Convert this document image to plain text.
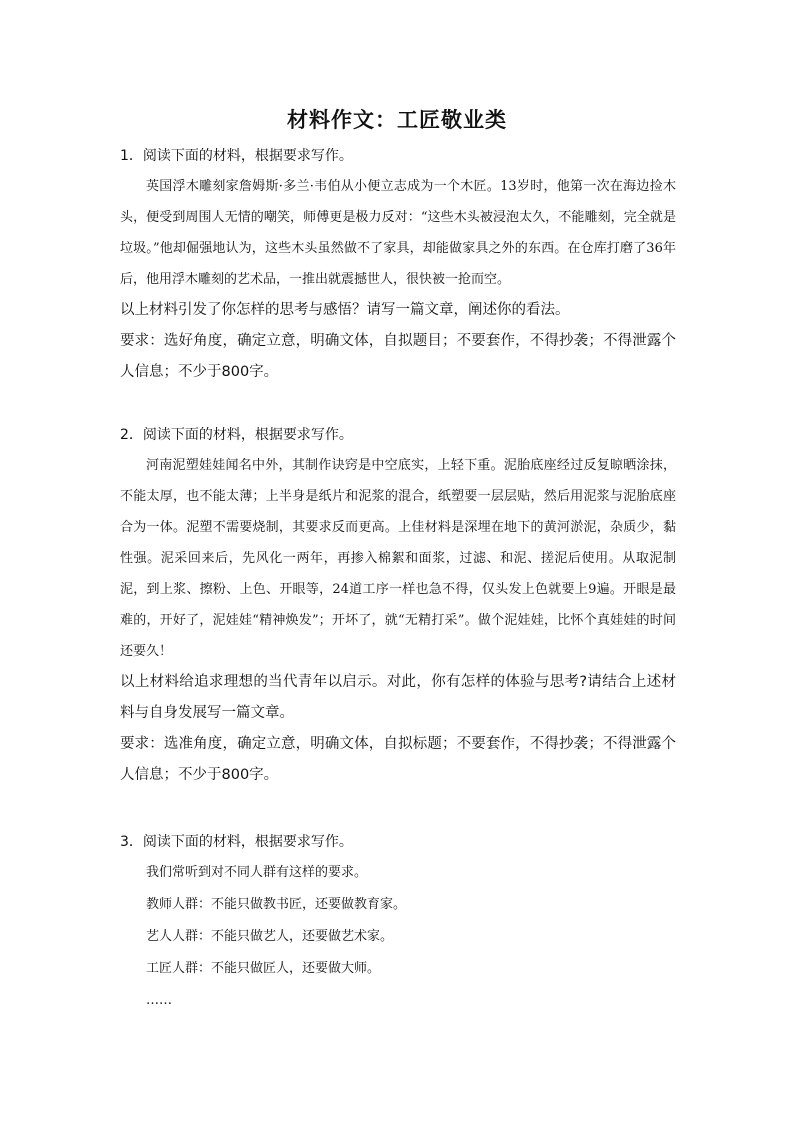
材料作文：工匠敬业类
1．阅读下面的材料，根据要求写作。

英国浮木雕刻家詹姆斯·多兰·韦伯从小便立志成为一个木匠。13岁时，他第一次在海边捡木头，便受到周围人无情的嘲笑，师傅更是极力反对：“这些木头被浸泡太久，不能雕刻，完全就是垃圾。”他却倔强地认为，这些木头虽然做不了家具，却能做家具之外的东西。在仓库打磨了36年后，他用浮木雕刻的艺术品，一推出就震撼世人，很快被一抢而空。

以上材料引发了你怎样的思考与感悟？请写一篇文章，阐述你的看法。

要求：选好角度，确定立意，明确文体，自拟题目；不要套作，不得抄袭；不得泄露个人信息；不少于800字。

2．阅读下面的材料，根据要求写作。

河南泥塑娃娃闻名中外，其制作诀窍是中空底实，上轻下重。泥胎底座经过反复晾晒涂抹，不能太厚，也不能太薄；上半身是纸片和泥浆的混合，纸塑要一层层贴，然后用泥浆与泥胎底座合为一体。泥塑不需要烧制，其要求反而更高。上佳材料是深埋在地下的黄河淤泥，杂质少，黏性强。泥采回来后，先风化一两年，再掺入棉絮和面浆，过滤、和泥、搓泥后使用。从取泥制泥，到上浆、擦粉、上色、开眼等，24道工序一样也急不得，仅头发上色就要上9遍。开眼是最难的，开好了，泥娃娃“精神焕发”；开坏了，就“无精打采”。做个泥娃娃，比怀个真娃娃的时间还要久！

以上材料给追求理想的当代青年以启示。对此，你有怎样的体验与思考?请结合上述材料与自身发展写一篇文章。

要求：选准角度，确定立意，明确文体，自拟标题；不要套作，不得抄袭；不得泄露个人信息；不少于800字。

3．阅读下面的材料，根据要求写作。
我们常听到对不同人群有这样的要求。
教师人群：不能只做教书匠，还要做教育家。
艺人人群：不能只做艺人，还要做艺术家。
工匠人群：不能只做匠人，还要做大师。
……
